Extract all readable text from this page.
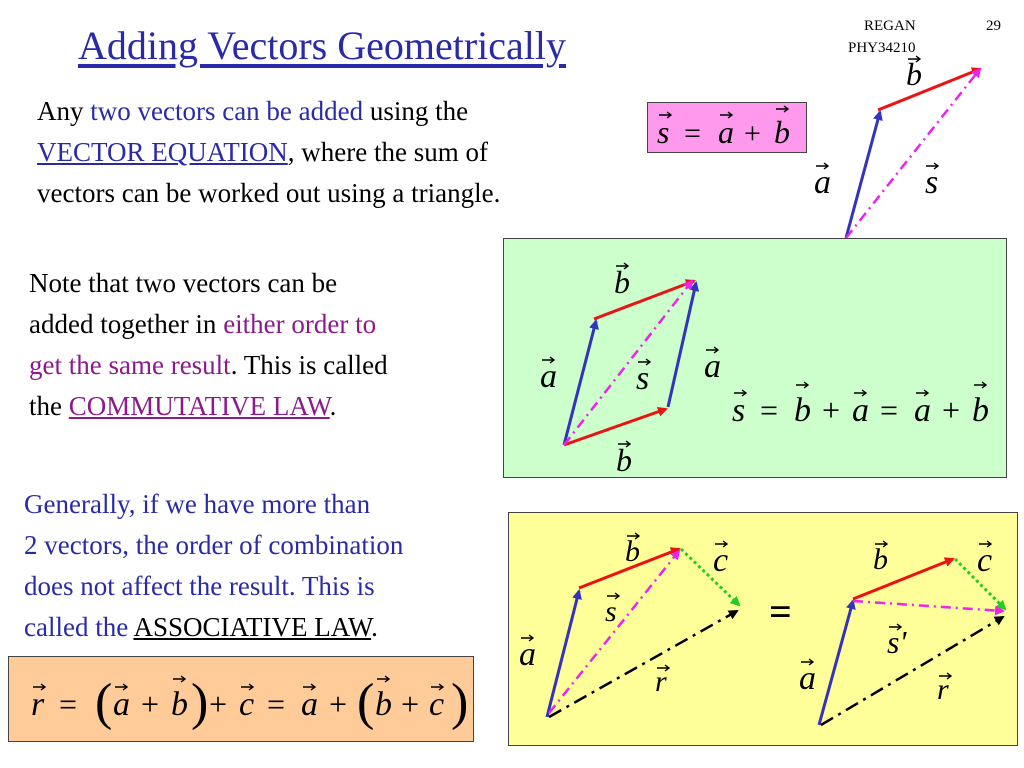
REGAN	29
PHY34210
Adding Vectors Geometrically
Any two vectors can be added using the
VECTOR EQUATION, where the sum of
vectors can be worked out using a triangle.
s = a + b
b
a	s
Note that two vectors can be
added together in either order to
get the same result. This is called
the COMMUTATIVE LAW.
b
a s a
b
s = b + a = a + b
Generally, if we have more than
2 vectors, the order of combination
does not affect the result. This is
called the ASSOCIATIVE LAW.
r = ( a + b ) + c = a + ( b + c )
b c
s
a
r
=
b	c
s'
a	r
